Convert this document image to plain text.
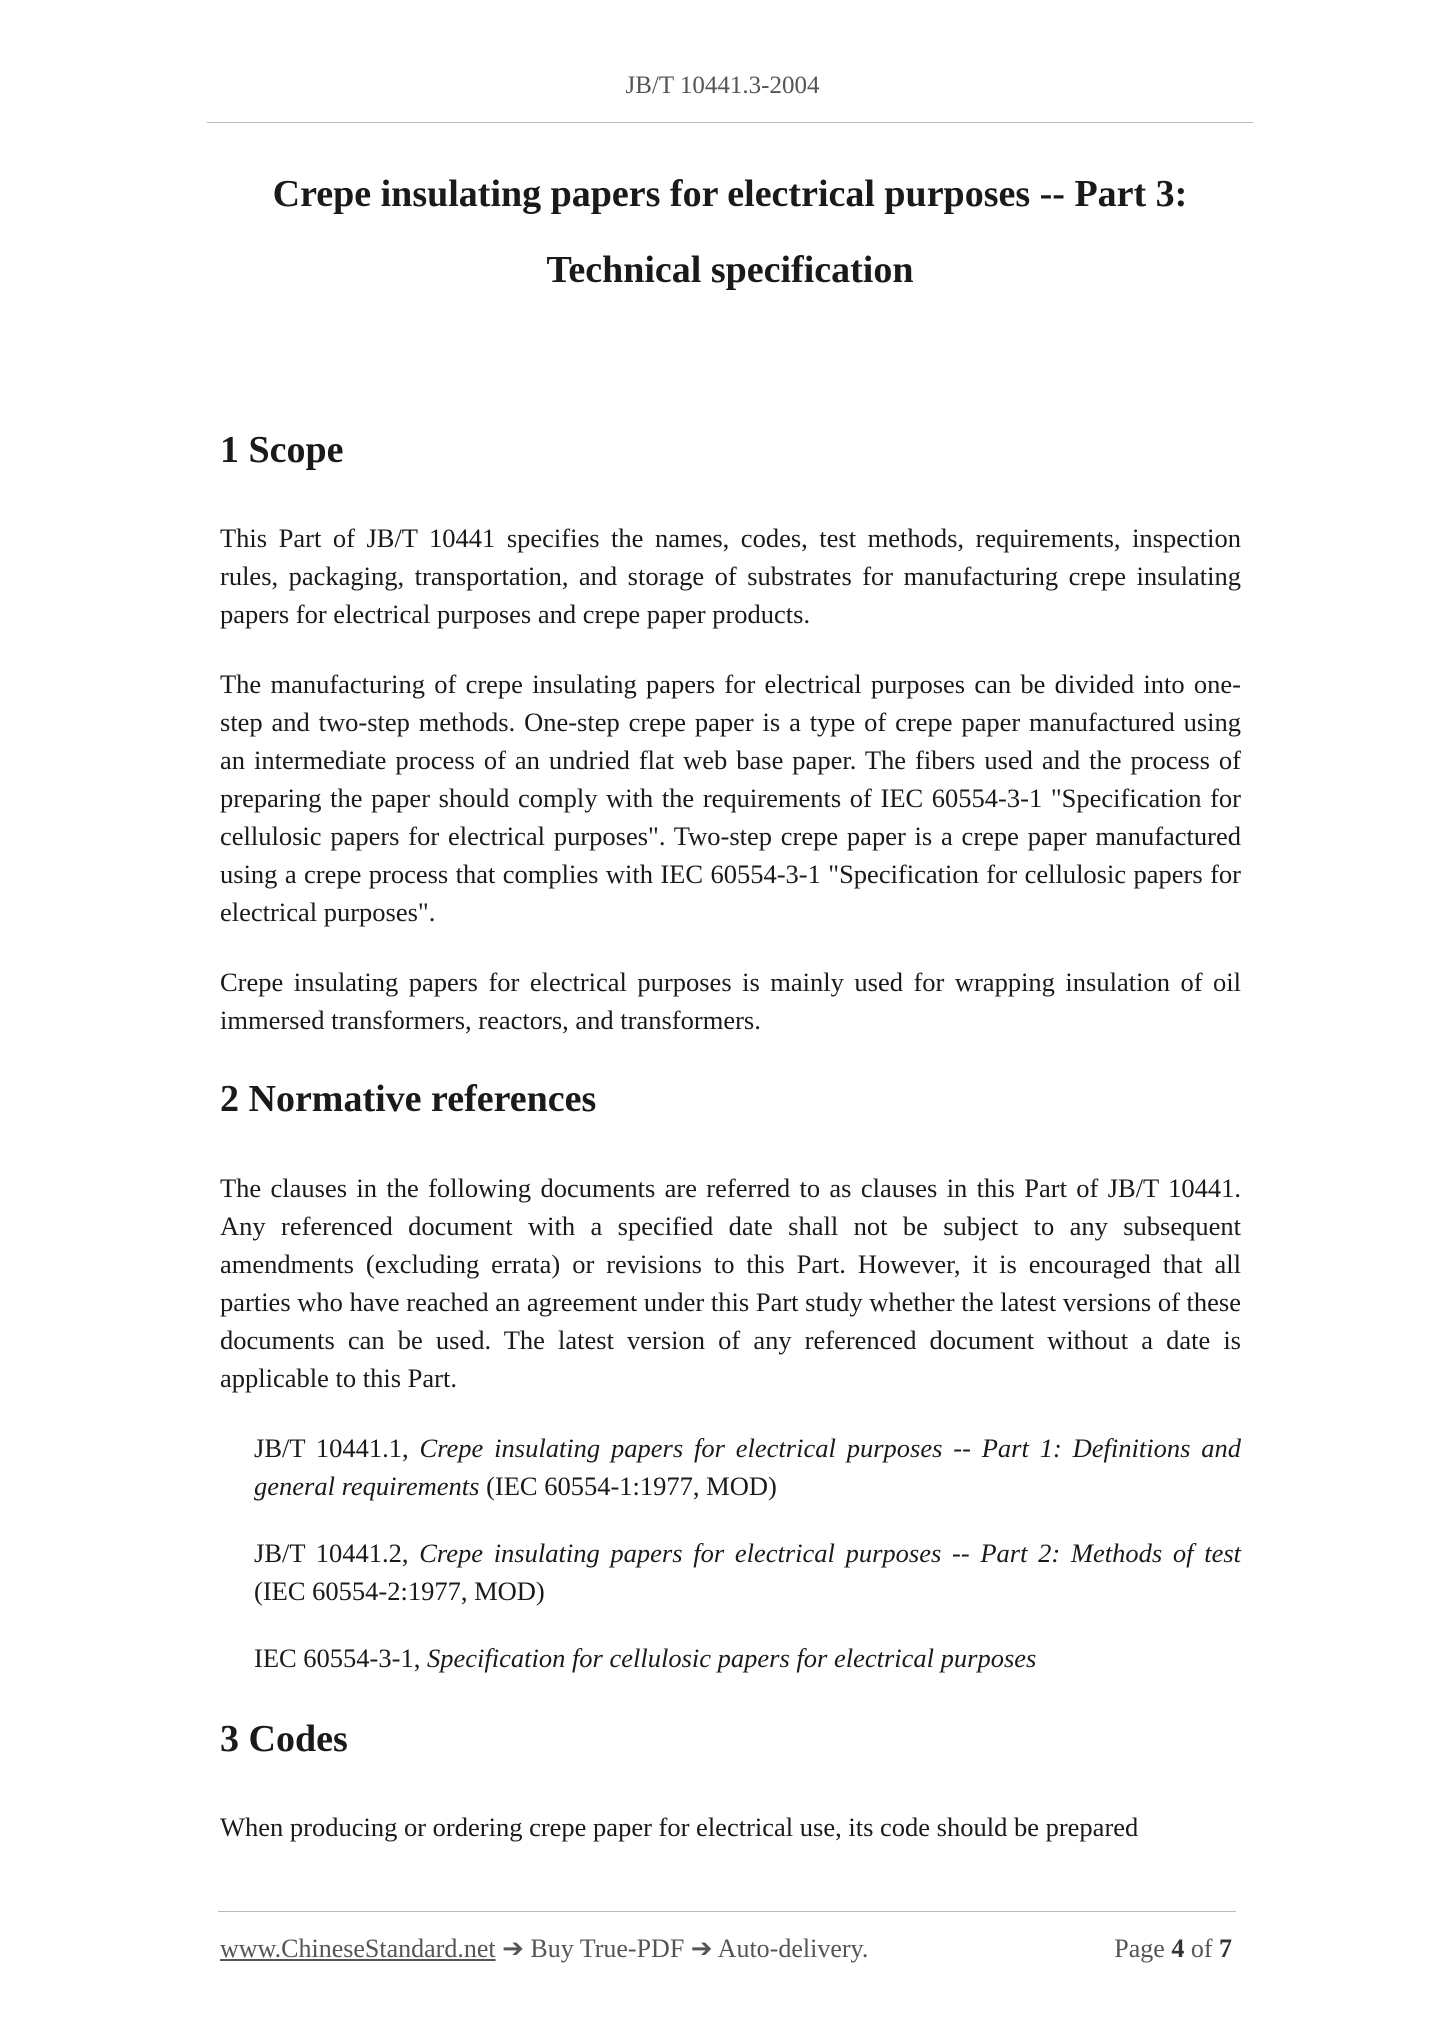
JB/T 10441.3-2004
Crepe insulating papers for electrical purposes -- Part 3:
Technical specification
1 Scope

This Part of JB/T 10441 specifies the names, codes, test methods, requirements, inspection rules, packaging, transportation, and storage of substrates for manufacturing crepe insulating papers for electrical purposes and crepe paper products.

The manufacturing of crepe insulating papers for electrical purposes can be divided into one-step and two-step methods. One-step crepe paper is a type of crepe paper manufactured using an intermediate process of an undried flat web base paper. The fibers used and the process of preparing the paper should comply with the requirements of IEC 60554-3-1 "Specification for cellulosic papers for electrical purposes". Two-step crepe paper is a crepe paper manufactured using a crepe process that complies with IEC 60554-3-1 "Specification for cellulosic papers for electrical purposes".

Crepe insulating papers for electrical purposes is mainly used for wrapping insulation of oil immersed transformers, reactors, and transformers.

2 Normative references

The clauses in the following documents are referred to as clauses in this Part of JB/T 10441. Any referenced document with a specified date shall not be subject to any subsequent amendments (excluding errata) or revisions to this Part. However, it is encouraged that all parties who have reached an agreement under this Part study whether the latest versions of these documents can be used. The latest version of any referenced document without a date is applicable to this Part.

JB/T 10441.1, Crepe insulating papers for electrical purposes -- Part 1: Definitions and general requirements (IEC 60554-1:1977, MOD)

JB/T 10441.2, Crepe insulating papers for electrical purposes -- Part 2: Methods of test (IEC 60554-2:1977, MOD)

IEC 60554-3-1, Specification for cellulosic papers for electrical purposes

3 Codes

When producing or ordering crepe paper for electrical use, its code should be prepared

www.ChineseStandard.net ➔ Buy True-PDF ➔ Auto-delivery.	Page 4 of 7
